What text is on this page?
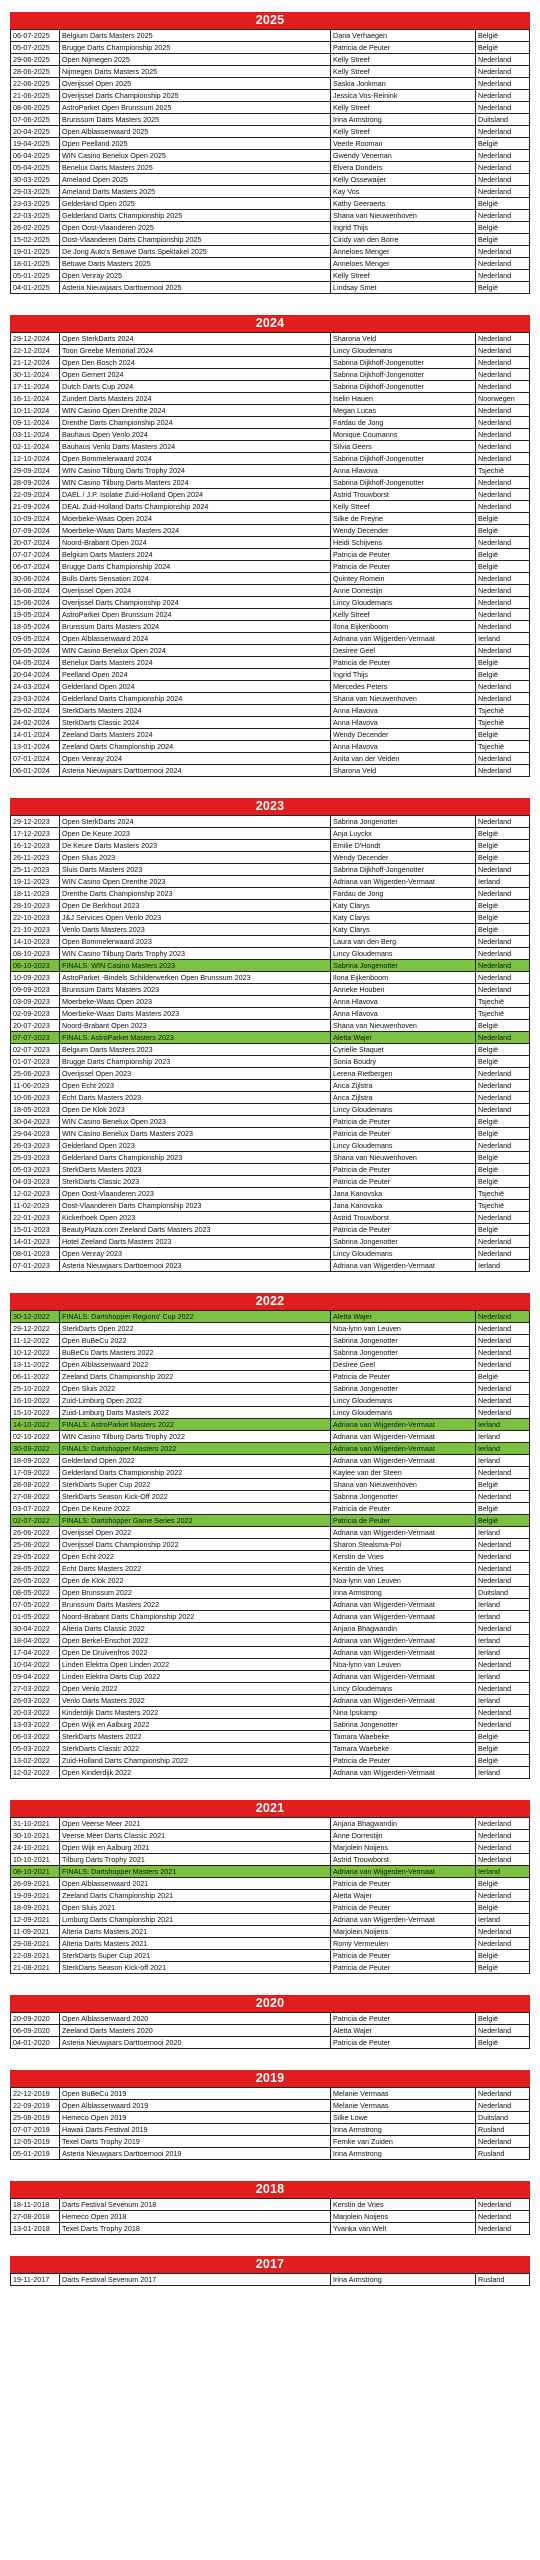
2025
06-07-2025	Belgium Darts Masters 2025	Dana Verhaegen	België
05-07-2025	Brugge Darts Championship 2025	Patricia de Peuter	België
29-06-2025	Open Nijmegen 2025	Kelly Streef	Nederland
28-06-2025	Nijmegen Darts Masters 2025	Kelly Streef	Nederland
22-06-2025	Overijssel Open 2025	Saskia Jonkman	Nederland
21-06-2025	Overijssel Darts Championship 2025	Jessica Vos-Reinink	Nederland
08-06-2025	AstroParket Open Brunssum 2025	Kelly Streef	Nederland
07-06-2025	Brunssum Darts Masters 2025	Irina Armstrong	Duitsland
20-04-2025	Open Alblasserwaard 2025	Kelly Streef	Nederland
19-04-2025	Open Peelland 2025	Veerle Rooman	België
06-04-2025	WIN Casino Benelux Open 2025	Gwendy Veneman	Nederland
05-04-2025	Benelux Darts Masters 2025	Elvera Donders	Nederland
30-03-2025	Ameland Open 2025	Kelly Ossewaijer	Nederland
29-03-2025	Ameland Darts Masters 2025	Kay Vos	Nederland
23-03-2025	Gelderland Open 2025	Kathy Geeraerts	België
22-03-2025	Gelderland Darts Championship 2025	Shana van Nieuwenhoven	Nederland
26-02-2025	Open Oost-Vlaanderen 2025	Ingrid Thijs	België
15-02-2025	Oost-Vlaanderen Darts Championship 2025	Cindy van den Borre	België
19-01-2025	De Jong Auto's Betuwe Darts Spektakel 2025	Anneloes Menger	Nederland
18-01-2025	Betuwe Darts Masters 2025	Anneloes Menger	Nederland
05-01-2025	Open Venray 2025	Kelly Streef	Nederland
04-01-2025	Asteria Nieuwjaars Darttoernooi 2025	Lindsay Smet	België
2024
29-12-2024	Open SterkDarts 2024	Sharona Veld	Nederland
22-12-2024	Toon Greebe Memorial 2024	Lincy Gloudemans	Nederland
21-12-2024	Open Den Bosch 2024	Sabrina Dijkhoff-Jongenotter	Nederland
30-11-2024	Open Gemert 2024	Sabrina Dijkhoff-Jongenotter	Nederland
17-11-2024	Dutch Darts Cup 2024	Sabrina Dijkhoff-Jongenotter	Nederland
16-11-2024	Zundert Darts Masters 2024	Iselin Hauen	Noorwegen
10-11-2024	WIN Casino Open Drenthe 2024	Megan Lucas	Nederland
09-11-2024	Drenthe Darts Championship 2024	Fardau de Jong	Nederland
03-11-2024	Bauhaus Open Venlo 2024	Monique Coumanns	Nederland
02-11-2024	Bauhaus Venlo Darts Masters 2024	Silvia Geers	Nederland
12-10-2024	Open Bommelerwaard 2024	Sabrina Dijkhoff-Jongenotter	Nederland
29-09-2024	WIN Casino Tilburg Darts Trophy 2024	Anna Hlavova	Tsjechië
28-09-2024	WIN Casino Tilburg Darts Masters 2024	Sabrina Dijkhoff-Jongenotter	Nederland
22-09-2024	DAEL / J.P. Isolatie Zuid-Holland Open 2024	Astrid Trouwborst	Nederland
21-09-2024	DEAL Zuid-Holland Darts Championship 2024	Kelly Streef	Nederland
10-09-2024	Moerbeke-Waas Open 2024	Silke de Freyne	België
07-09-2024	Moerbeke-Waas Darts Masters 2024	Wendy Decender	België
20-07-2024	Noord-Brabant Open 2024	Heidi Schijvens	Nederland
07-07-2024	Belgium Darts Masters 2024	Patricia de Peuter	België
06-07-2024	Brugge Darts Championship 2024	Patricia de Peuter	België
30-06-2024	Bulls Darts Sensation 2024	Quintey Romein	Nederland
16-06-2024	Overijssel Open 2024	Anne Dorrestijn	Nederland
15-06-2024	Overijssel Darts Championship 2024	Lincy Gloudemans	Nederland
19-05-2024	AstroParket Open Brunssum 2024	Kelly Streef	Nederland
18-05-2024	Brunssum Darts Masters 2024	Ilona Eijkenboom	Nederland
09-05-2024	Open Alblasserwaard 2024	Adriana van Wijgerden-Vermaat	Ierland
05-05-2024	WIN Casino Benelux Open 2024	Desiree Geel	Nederland
04-05-2024	Benelux Darts Masters 2024	Patricia de Peuter	België
20-04-2024	Peelland Open 2024	Ingrid Thijs	België
24-03-2024	Gelderland Open 2024	Mercedes Peters	Nederland
23-03-2024	Gelderland Darts Championship 2024	Shana van Nieuwenhoven	Nederland
25-02-2024	SterkDarts Masters 2024	Anna Hlavova	Tsjechië
24-02-2024	SterkDarts Classic 2024	Anna Hlavova	Tsjechië
14-01-2024	Zeeland Darts Masters 2024	Wendy Decender	België
13-01-2024	Zeeland Darts Championship 2024	Anna Hlavova	Tsjechië
07-01-2024	Open Venray 2024	Anita van der Velden	Nederland
06-01-2024	Asteria Nieuwjaars Darttoernooi 2024	Sharona Veld	Nederland
2023
29-12-2023	Open SterkDarts 2024	Sabrina Jongenotter	Nederland
17-12-2023	Open De Keure 2023	Anja Luyckx	België
16-12-2023	De Keure Darts Masters 2023	Emilie D'Hondt	België
26-11-2023	Open Sluis 2023	Wendy Decender	België
25-11-2023	Sluis Darts Masters 2023	Sabrina Dijkhoff-Jongenotter	Nederland
19-11-2023	WIN Casino Open Drenthe 2023	Adriana van Wijgerden-Vermaat	Ierland
18-11-2023	Drenthe Darts Championship 2023	Fardau de Jong	Nederland
28-10-2023	Open De Berkhout 2023	Katy Clarys	België
22-10-2023	J&J Services Open Venlo 2023	Katy Clarys	België
21-10-2023	Venlo Darts Masters 2023	Katy Clarys	België
14-10-2023	Open Bommelerwaard 2023	Laura van den Berg	Nederland
08-10-2023	WIN Casino Tilburg Darts Trophy 2023	Lincy Gloudemans	Nederland
06-10-2023	FINALS: WIN Casino Masters 2023	Sabrina Jongenotter	Nederland
10-09-2023	AstroParket -Bindels Schilderwerken Open Brunssum 2023	Ilona Eijkenboom	Nederland
09-09-2023	Brunssum Darts Masters 2023	Anneke Houben	Nederland
03-09-2023	Moerbeke-Waas Open 2023	Anna Hlavova	Tsjechië
02-09-2023	Moerbeke-Waas Darts Masters 2023	Anna Hlavova	Tsjechië
20-07-2023	Noord-Brabant Open 2023	Shana van Nieuwenhoven	België
07-07-2023	FINALS: AstroParket Masters 2023	Aletta Wajer	Nederland
02-07-2023	Belgium Darts Masters 2023	Cyrielle Staquet	België
01-07-2023	Brugge Darts Championship 2023	Sonia Boudry	België
25-06-2023	Overijssel Open 2023	Lerena Rietbergen	Nederland
11-06-2023	Open Echt 2023	Anca Zijlstra	Nederland
10-06-2023	Echt Darts Masters 2023	Anca Zijlstra	Nederland
18-05-2023	Open De Klok 2023	Lincy Gloudemans	Nederland
30-04-2023	WIN Casino Benelux Open 2023	Patricia de Peuter	België
29-04-2023	WIN Casino Benelux Darts Masters 2023	Patricia de Peuter	België
26-03-2023	Gelderland Open 2023	Lincy Gloudemans	Nederland
25-03-2023	Gelderland Darts Championship 2023	Shana van Nieuwenhoven	België
05-03-2023	SterkDarts Masters 2023	Patricia de Peuter	België
04-03-2023	SterkDarts Classic 2023	Patricia de Peuter	België
12-02-2023	Open Oost-Vlaanderen 2023	Jana Kanovska	Tsjechië
11-02-2023	Oost-Vlaanderen Darts Championship 2023	Jana Kanovska	Tsjechië
22-01-2023	Kickerhoek Open 2023	Astrid Trouwborst	Nederland
15-01-2023	BeautyPlaza.com Zeeland Darts Masters 2023	Patricia de Peuter	België
14-01-2023	Hotel Zeeland Darts Masters 2023	Sabrina Jongenotter	Nederland
08-01-2023	Open Venray 2023	Lincy Gloudemans	Nederland
07-01-2023	Asteria Nieuwjaars Darttoernooi 2023	Adriana van Wijgerden-Vermaat	Ierland
2022
30-12-2022	FINALS: Dartshopper Regions' Cup 2022	Aletta Wajer	Nederland
29-12-2022	SterkDarts Open 2022	Noa-lynn van Leuven	Nederland
11-12-2022	Open BuBeCu 2022	Sabrina Jongenotter	Nederland
10-12-2022	BuBeCu Darts Masters 2022	Sabrina Jongenotter	Nederland
13-11-2022	Open Alblasserwaard 2022	Desiree Geel	Nederland
06-11-2022	Zeeland Darts Championship 2022	Patricia de Peuter	België
25-10-2022	Open Sluis 2022	Sabrina Jongenotter	Nederland
16-10-2022	Zuid-Limburg Open 2022	Lincy Gloudemans	Nederland
15-10-2022	Zuid-Limburg Darts Masters 2022	Lincy Gloudemans	Nederland
14-10-2022	FINALS: AstroParket Masters 2022	Adriana van Wijgerden-Vermaat	Ierland
02-10-2022	WIN Casino Tilburg Darts Trophy 2022	Adriana van Wijgerden-Vermaat	Ierland
30-09-2022	FINALS: Dartshopper Masters 2022	Adriana van Wijgerden-Vermaat	Ierland
18-09-2022	Gelderland Open 2022	Adriana van Wijgerden-Vermaat	Ierland
17-09-2022	Gelderland Darts Championship 2022	Kaylee van der Steen	Nederland
28-08-2022	SterkDarts Super Cup 2022	Shana van Nieuwenhoven	België
27-08-2022	SterkDarts Season Kick-Off 2022	Sabrina Jongenotter	Nederland
03-07-2022	Open De Keure 2022	Patricia de Peuter	België
02-07-2022	FINALS: Dartshopper Game Series 2022	Patricia de Peuter	België
26-06-2022	Overijssel Open 2022	Adriana van Wijgerden-Vermaat	Ierland
25-06-2022	Overijssel Darts Championship 2022	Sharon Stealsma-Pol	Nederland
29-05-2022	Open Echt 2022	Kerstin de Vries	Nederland
28-05-2022	Echt Darts Masters 2022	Kerstin de Vries	Nederland
26-05-2022	Open de Klok 2022	Noa-lynn van Leuven	Nederland
08-05-2022	Open Brunssum 2022	Irina Armstrong	Duitsland
07-05-2022	Brunssum Darts Masters 2022	Adriana van Wijgerden-Vermaat	Ierland
01-05-2022	Noord-Brabant Darts Championship 2022	Adriana van Wijgerden-Vermaat	Ierland
30-04-2022	Alteria Darts Classic 2022	Anjana Bhagwandin	Nederland
18-04-2022	Open Berkel-Enschot 2022	Adriana van Wijgerden-Vermaat	Ierland
17-04-2022	Open De Druivenfros 2022	Adriana van Wijgerden-Vermaat	Ierland
10-04-2022	Linden Elektra Open Linden 2022	Noa-lynn van Leuven	Nederland
09-04-2022	Linden Elektra Darts Cup 2022	Adriana van Wijgerden-Vermaat	Ierland
27-03-2022	Open Venlo 2022	Lincy Gloudemans	Nederland
26-03-2022	Venlo Darts Masters 2022	Adriana van Wijgerden-Vermaat	Ierland
20-03-2022	Kinderdijk Darts Masters 2022	Nina Ipskamp	Nederland
13-03-2022	Open Wijk en Aalburg 2022	Sabrina Jongenotter	Nederland
06-03-2022	SterkDarts Masters 2022	Tamara Waebeke	België
05-03-2022	SterkDarts Classic 2022	Tamara Waebeke	België
13-02-2022	Zuid-Holland Darts Championship 2022	Patricia de Peuter	België
12-02-2022	Open Kinderdijk 2022	Adriana van Wijgerden-Vermaat	Ierland
2021
31-10-2021	Open Veerse Meer 2021	Anjana Bhagwandin	Nederland
30-10-2021	Veerse Meer Darts Classic 2021	Anne Dorrestijn	Nederland
24-10-2021	Open Wijk en Aalburg 2021	Marjolein Noijens	Nederland
10-10-2021	Tilburg Darts Trophy 2021	Astrid Trouwborst	Nederland
08-10-2021	FINALS: Dartshopper Masters 2021	Adriana van Wijgerden-Vermaat	Ierland
26-09-2021	Open Alblasserwaard 2021	Patricia de Peuter	België
19-09-2021	Zeeland Darts Championship 2021	Aletta Wajer	Nederland
18-09-2021	Open Sluis 2021	Patricia de Peuter	België
12-09-2021	Limburg Darts Championship 2021	Adriana van Wijgerden-Vermaat	Ierland
11-09-2021	Alteria Darts Masters 2021	Marjolein Noijens	Nederland
29-08-2021	Alteria Darts Masters 2021	Romy Vermeulen	Nederland
22-08-2021	SterkDarts Super Cup 2021	Patricia de Peuter	België
21-08-2021	SterkDarts Season Kick-off 2021	Patricia de Peuter	België
2020
20-09-2020	Open Alblasserwaard 2020	Patricia de Peuter	België
06-09-2020	Zeeland Darts Masters 2020	Aletta Wajer	Nederland
04-01-2020	Asteria Nieuwjaars Darttoernooi 2020	Patricia de Peuter	België
2019
22-12-2019	Open BuBeCu 2019	Melanie Vermaas	Nederland
22-09-2019	Open Alblasserwaard 2019	Melanie Vermaas	Nederland
25-08-2019	Hemeco Open 2019	Silke Lowe	Duitsland
07-07-2019	Hawaii Darts Festival 2019	Irina Armstrong	Rusland
12-05-2019	Texel Darts Trophy 2019	Fernke van Zuiden	Nederland
05-01-2019	Asteria Nieuwjaars Darttoernooi 2019	Irina Armstrong	Rusland
2018
18-11-2018	Darts Festival Sevenum 2018	Kerstin de Vries	Nederland
27-08-2018	Hemeco Open 2018	Marjolein Noijens	Nederland
13-01-2018	Texel Darts Trophy 2018	Yvanka van Welt	Nederland
2017
19-11-2017	Darts Festival Sevenum 2017	Irina Armstrong	Rusland
